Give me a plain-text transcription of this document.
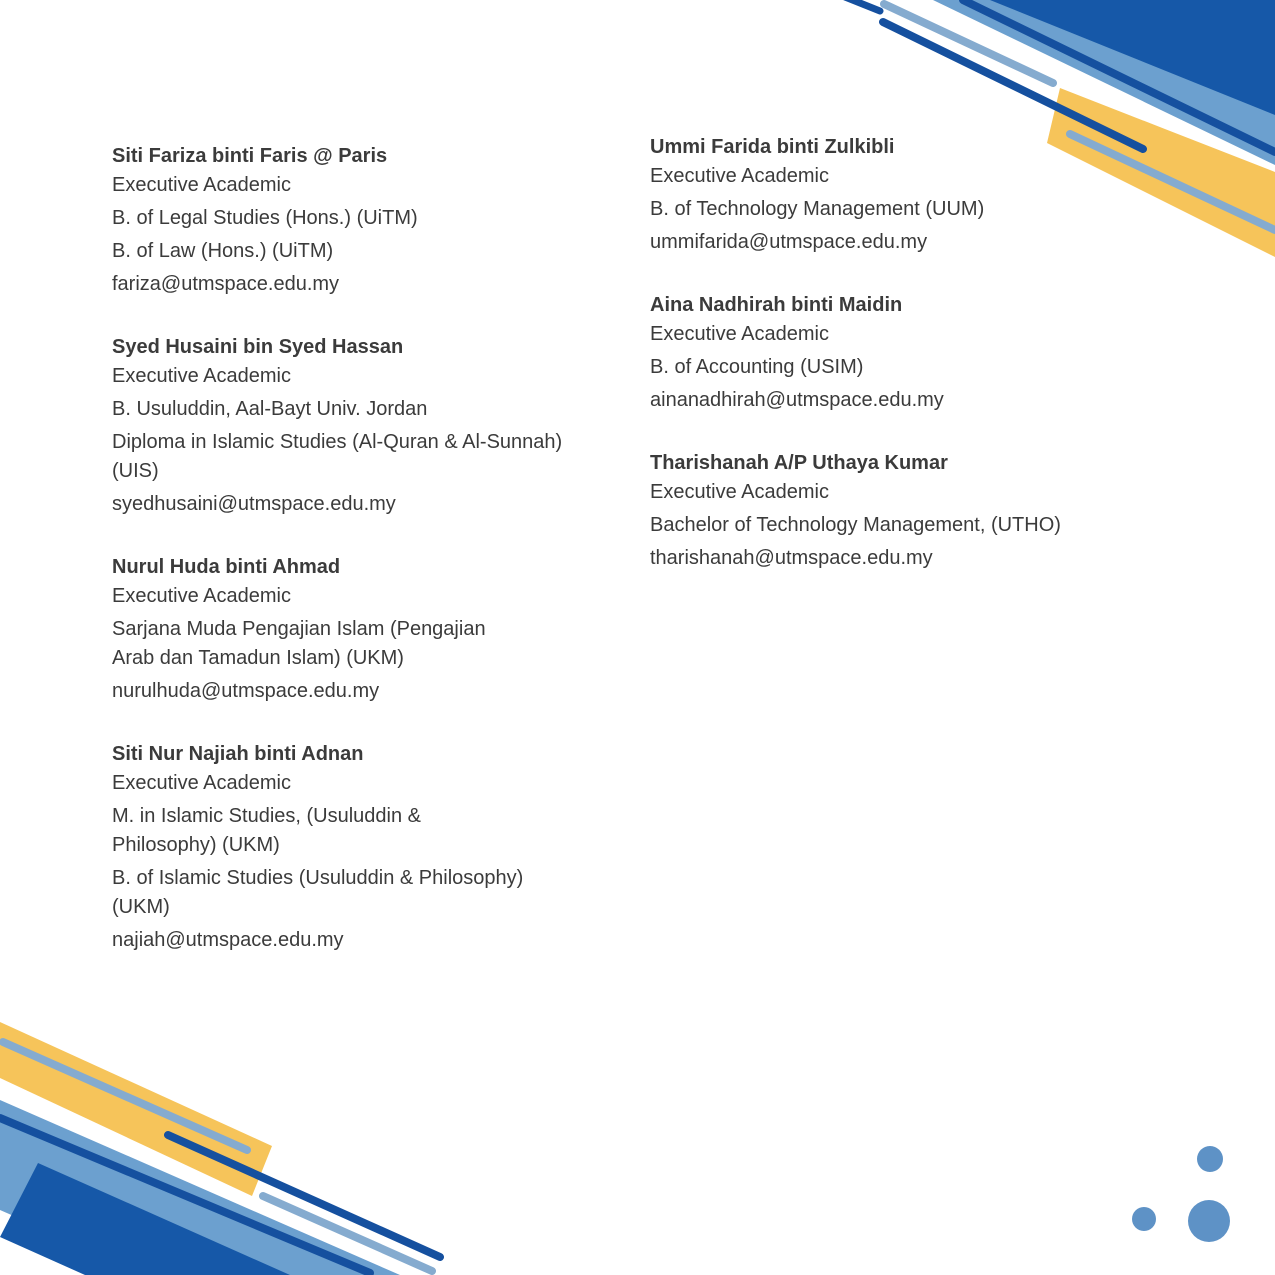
Siti Fariza binti Faris @ Paris
Executive Academic
B. of Legal Studies (Hons.) (UiTM)
B. of Law (Hons.) (UiTM)
fariza@utmspace.edu.my
Syed Husaini bin Syed Hassan
Executive Academic
B. Usuluddin, Aal-Bayt Univ. Jordan
Diploma in Islamic Studies (Al-Quran & Al-Sunnah)
(UIS)
syedhusaini@utmspace.edu.my
Nurul Huda binti Ahmad
Executive Academic
Sarjana Muda Pengajian Islam (Pengajian
Arab dan Tamadun Islam) (UKM)
nurulhuda@utmspace.edu.my
Siti Nur Najiah binti Adnan
Executive Academic
M. in Islamic Studies, (Usuluddin &
Philosophy) (UKM)
B. of Islamic Studies (Usuluddin & Philosophy)
(UKM)
najiah@utmspace.edu.my
Ummi Farida binti Zulkibli
Executive Academic
B. of Technology Management (UUM)
ummifarida@utmspace.edu.my
Aina Nadhirah binti Maidin
Executive Academic
B. of Accounting (USIM)
ainanadhirah@utmspace.edu.my
Tharishanah A/P Uthaya Kumar
Executive Academic
Bachelor of Technology Management, (UTHO)
tharishanah@utmspace.edu.my
